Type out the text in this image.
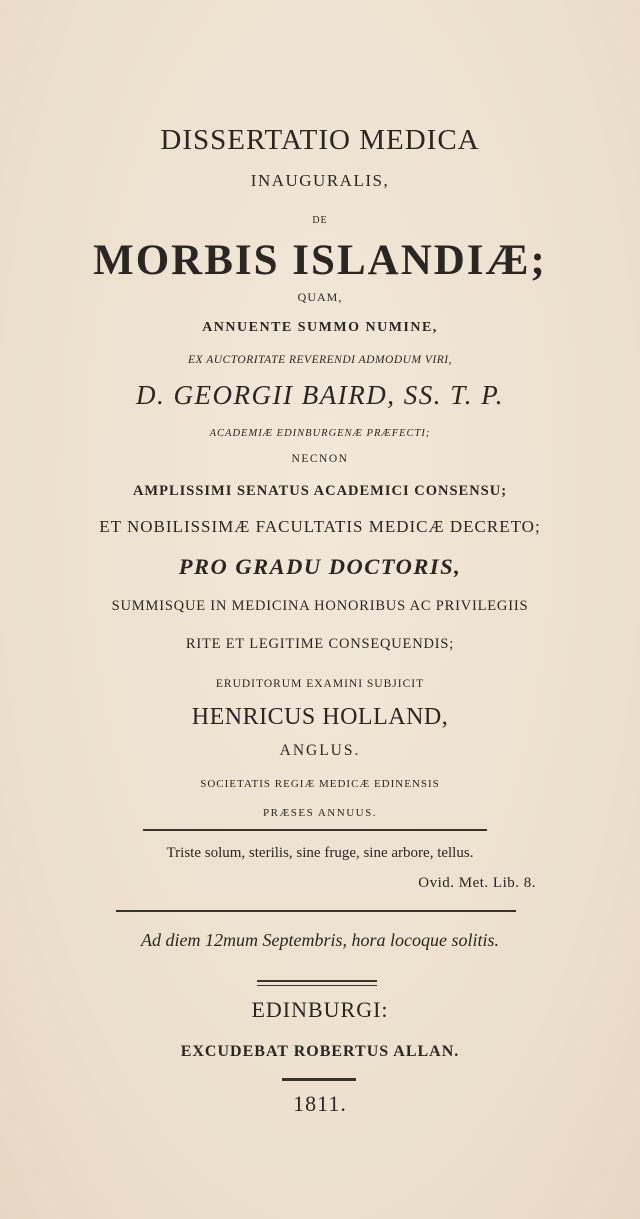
DISSERTATIO MEDICA

INAUGURALIS,

DE

MORBIS ISLANDIÆ;

QUAM,

ANNUENTE SUMMO NUMINE,

EX AUCTORITATE REVERENDI ADMODUM VIRI,

D. GEORGII BAIRD, SS. T. P.

ACADEMIÆ EDINBURGENÆ PRÆFECTI;

NECNON

AMPLISSIMI SENATUS ACADEMICI CONSENSU;

ET NOBILISSIMÆ FACULTATIS MEDICÆ DECRETO;

PRO GRADU DOCTORIS,

SUMMISQUE IN MEDICINA HONORIBUS AC PRIVILEGIIS

RITE ET LEGITIME CONSEQUENDIS;

ERUDITORUM EXAMINI SUBJICIT

HENRICUS HOLLAND,

ANGLUS.

SOCIETATIS REGIÆ MEDICÆ EDINENSIS

PRÆSES ANNUUS.

Triste solum, sterilis, sine fruge, sine arbore, tellus.

Ovid. Met. Lib. 8.

Ad diem 12mum Septembris, hora locoque solitis.

EDINBURGI:

EXCUDEBAT ROBERTUS ALLAN.

1811.
